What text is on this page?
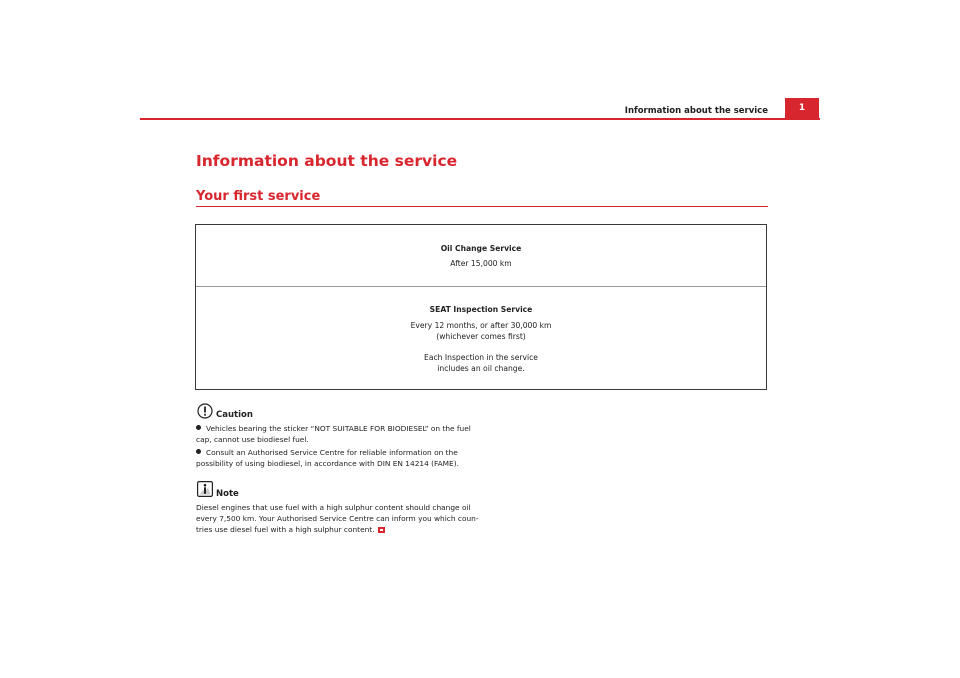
Information about the service	1
Information about the service
Your first service
Oil Change Service
After 15,000 km
SEAT Inspection Service
Every 12 months, or after 30,000 km
(whichever comes first)
Each Inspection in the service
includes an oil change.
Caution
Vehicles bearing the sticker “NOT SUITABLE FOR BIODIESEL” on the fuel
cap, cannot use biodiesel fuel.
Consult an Authorised Service Centre for reliable information on the
possibility of using biodiesel, in accordance with DIN EN 14214 (FAME).
Note
Diesel engines that use fuel with a high sulphur content should change oil
every 7,500 km. Your Authorised Service Centre can inform you which coun-
tries use diesel fuel with a high sulphur content.
